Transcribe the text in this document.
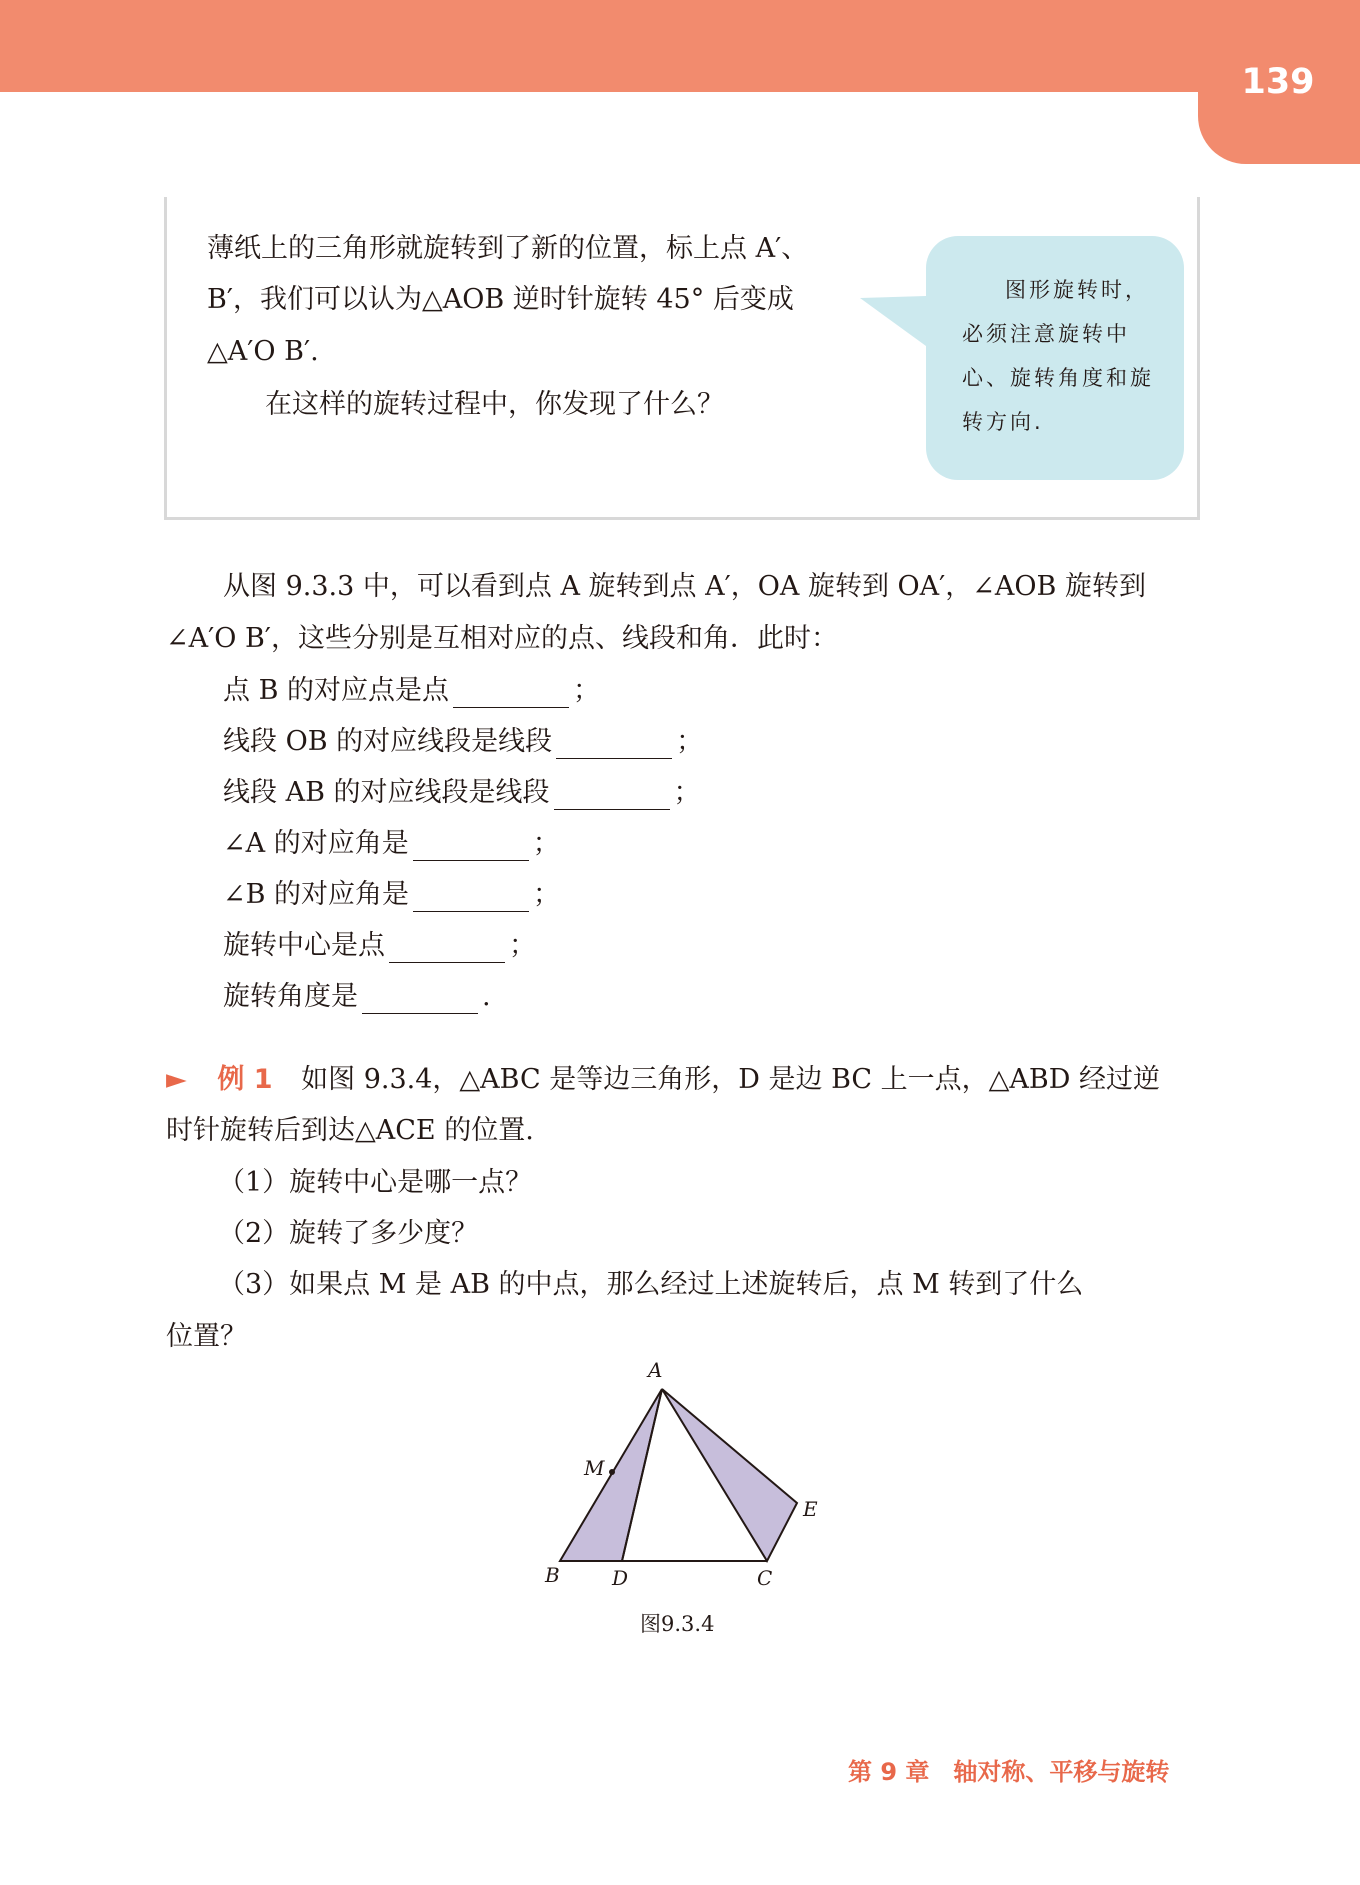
139
薄纸上的三角形就旋转到了新的位置，标上点 A′、
B′，我们可以认为△AOB 逆时针旋转 45° 后变成
△A′O B′.
在这样的旋转过程中，你发现了什么？
图形旋转时，
必须注意旋转中
心、旋转角度和旋
转方向.
从图 9.3.3 中，可以看到点 A 旋转到点 A′，OA 旋转到 OA′，∠AOB 旋转到
∠A′O B′，这些分别是互相对应的点、线段和角．此时：
点 B 的对应点是点	；
线段 OB 的对应线段是线段	；
线段 AB 的对应线段是线段	；
∠A 的对应角是	；
∠B 的对应角是	；
旋转中心是点	；
旋转角度是	.
► 例 1 如图 9.3.4，△ABC 是等边三角形，D 是边 BC 上一点，△ABD 经过逆
时针旋转后到达△ACE 的位置.
（1）旋转中心是哪一点？
（2）旋转了多少度？
（3）如果点 M 是 AB 的中点，那么经过上述旋转后，点 M 转到了什么
位置？
A
B	C
D
E
M
图9.3.4
第 9 章　轴对称、平移与旋转
